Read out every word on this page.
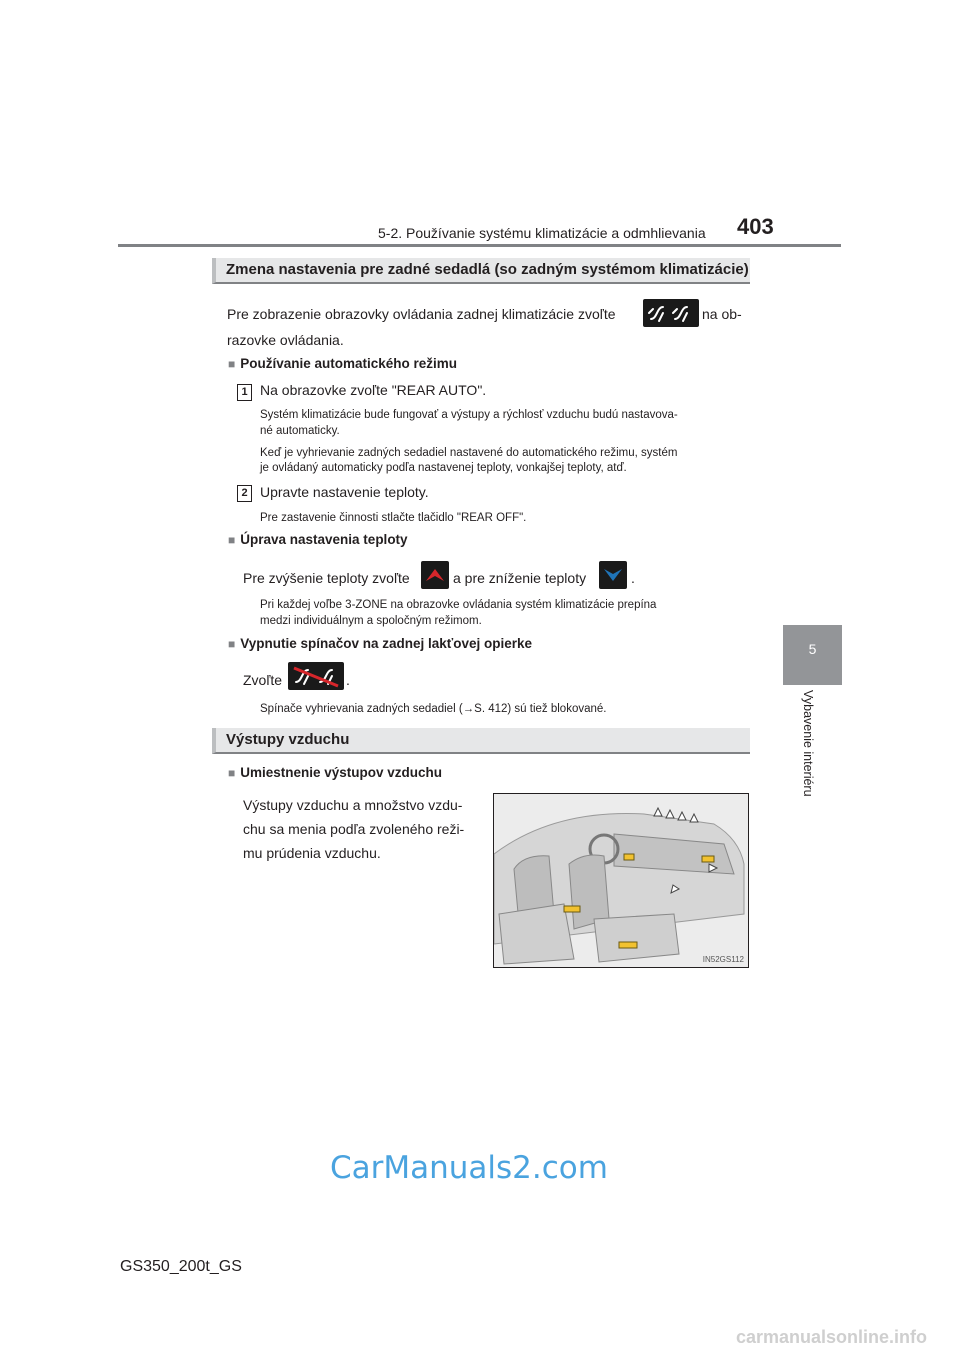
5-2. Používanie systému klimatizácie a odmhlievania 403
5
Vybavenie interiéru
Zmena nastavenia pre zadné sedadlá (so zadným systémom klimatizácie)
Pre zobrazenie obrazovky ovládania zadnej klimatizácie zvoľte	na ob-
razovke ovládania.
■ Používanie automatického režimu
1 Na obrazovke zvoľte "REAR AUTO".
Systém klimatizácie bude fungovať a výstupy a rýchlosť vzduchu budú nastavova-
né automaticky.
Keď je vyhrievanie zadných sedadiel nastavené do automatického režimu, systém
je ovládaný automaticky podľa nastavenej teploty, vonkajšej teploty, atď.
2 Upravte nastavenie teploty.
Pre zastavenie činnosti stlačte tlačidlo "REAR OFF".
■ Úprava nastavenia teploty
Pre zvýšenie teploty zvoľte	a pre zníženie teploty	.
Pri každej voľbe 3-ZONE na obrazovke ovládania systém klimatizácie prepína
medzi individuálnym a spoločným režimom.
■ Vypnutie spínačov na zadnej lakťovej opierke
Zvoľte	.
Spínače vyhrievania zadných sedadiel (→S. 412) sú tiež blokované.
Výstupy vzduchu
■ Umiestnenie výstupov vzduchu
Výstupy vzduchu a množstvo vzdu-
chu sa menia podľa zvoleného reži-
mu prúdenia vzduchu.
IN52GS112
GS350_200t_GS
CarManuals2.com
carmanualsonline.info
